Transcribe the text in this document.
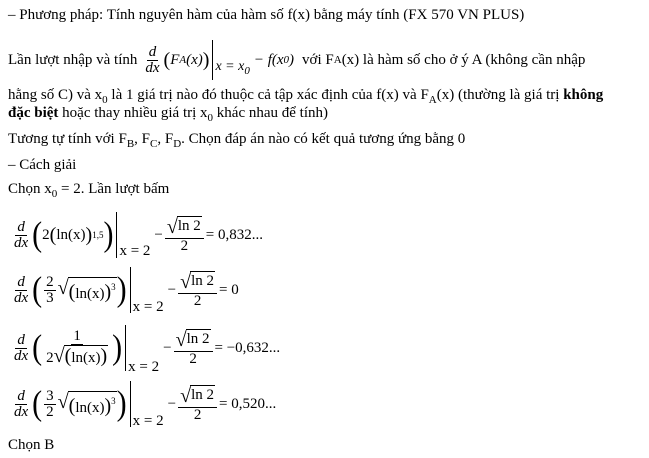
– Phương pháp: Tính nguyên hàm của hàm số f(x) bằng máy tính (FX 570 VN PLUS)
Lần lượt nhập và tính $\frac{d}{dx}$ ( F A (x) ) $x = x_0$
− f (x 0 ) với F A (x) là hàm số cho ở ý A (không cần nhập
hằng số C) và $x_0$ là 1 giá trị nào đó thuộc cả tập xác định của f(x) và $F_A(x)$ (thường là giá trị không
đặc biệt hoặc thay nhiều giá trị $x_0$ khác nhau để tính)
Tương tự tính với $F_B$, $F_C$, $F_D$. Chọn đáp án nào có kết quả tương ứng bằng 0
– Cách giải
Chọn $x_0 = 2$. Lần lượt bấm
$\frac{d}{dx}$ ( 2 ( ln (x) ) 1,5 ) x = 2
− $\frac{√ \ln 2}{2} = 0,832$...
$\frac{d}{dx}$ ( $\frac{2}{3}$ √ $(\ln(x))^3$ ) x = 2
− $\frac{√ \ln 2}{2} = 0$
$\frac{d}{dx}$ ( $\frac{1}{2 √ (\ln(x))}$ )
x = 2
− $\frac{√ \ln 2}{2} = -0,632$...
$\frac{d}{dx}$ ( $\frac{3}{2}$ √ $(\ln(x))^3$ ) x = 2
− $\frac{√ \ln 2}{2} = 0,520$...
Chọn B
